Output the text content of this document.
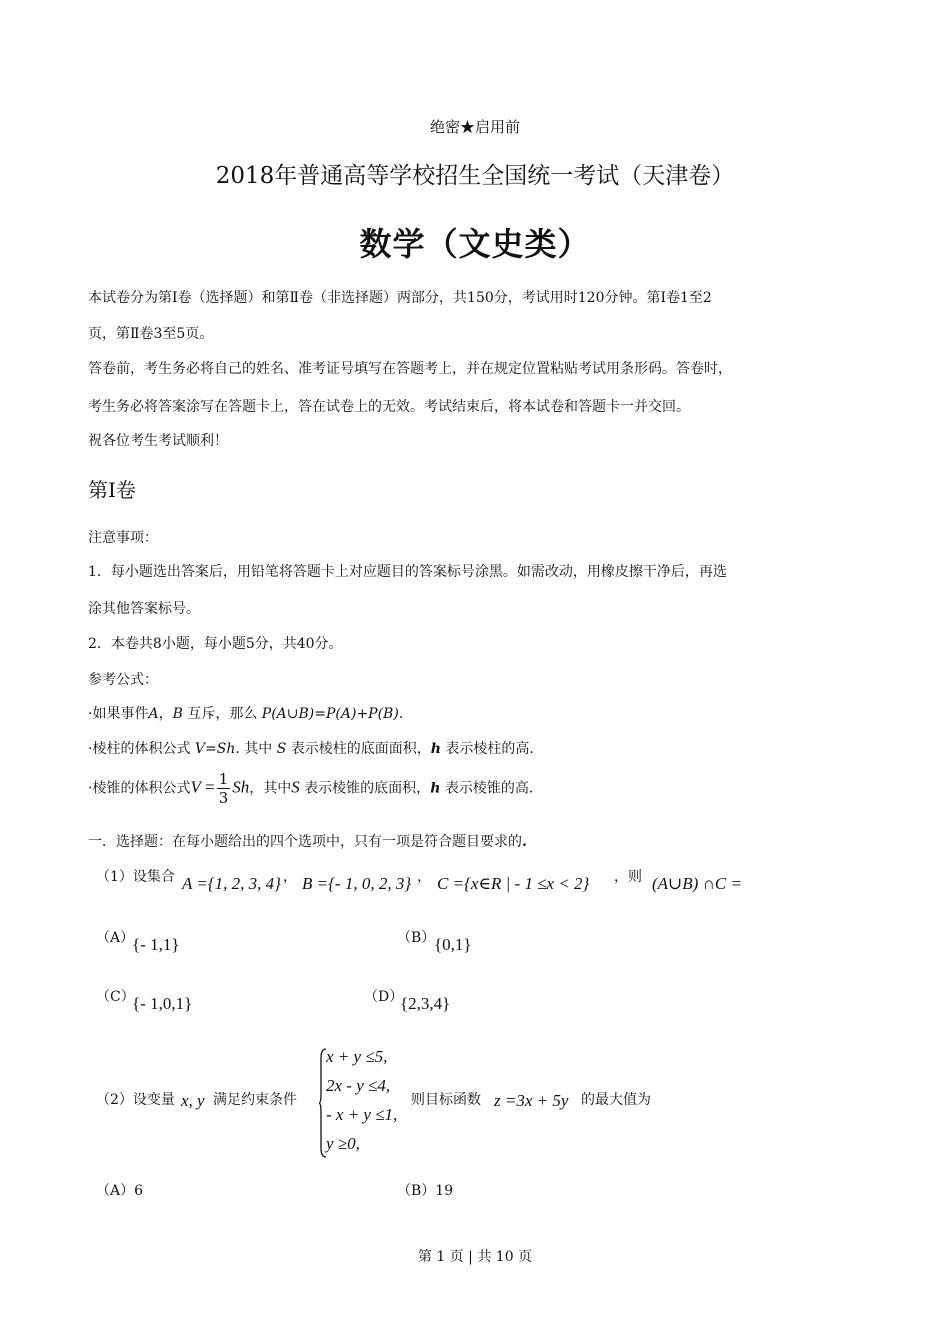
绝密★启用前
2018年普通高等学校招生全国统一考试（天津卷）
数学（文史类）
本试卷分为第Ⅰ卷（选择题）和第Ⅱ卷（非选择题）两部分，共150分，考试用时120分钟。第Ⅰ卷1至2
页，第Ⅱ卷3至5页。
答卷前，考生务必将自己的姓名、准考证号填写在答题考上，并在规定位置粘贴考试用条形码。答卷时，
考生务必将答案涂写在答题卡上，答在试卷上的无效。考试结束后，将本试卷和答题卡一并交回。
祝各位考生考试顺利！
第Ⅰ卷
注意事项：
1．每小题选出答案后，用铅笔将答题卡上对应题目的答案标号涂黑。如需改动，用橡皮擦干净后，再选
涂其他答案标号。
2．本卷共8小题，每小题5分，共40分。
参考公式：
·如果事件A，B 互斥，那么 P(A∪B)=P(A)+P(B).
·棱柱的体积公式 V=Sh. 其中 S 表示棱柱的底面面积，h 表示棱柱的高.
·棱锥的体积公式$V = \frac{1}{3}$ Sh，其中S 表示棱锥的底面积，h 表示棱锥的高.
一．选择题：在每小题给出的四个选项中，只有一项是符合题目要求的.
（1）设集合 A ={1, 2, 3, 4} ， B ={- 1, 0, 2, 3} ， C ={x∈R | - 1 ≤x < 2} ，则 (A∪B) ∩C =
（A）
{- 1,1}	（B）
{0,1}
（C）
{- 1,0,1}	（D）
{2,3,4}
（2）设变量 x, y 满足约束条件
x + y ≤5,
2x - y ≤4,
- x + y ≤1,
y ≥0,
则目标函数 z =3x + 5y 的最大值为
（A）6	（B）19
第 1 页 | 共 10 页
